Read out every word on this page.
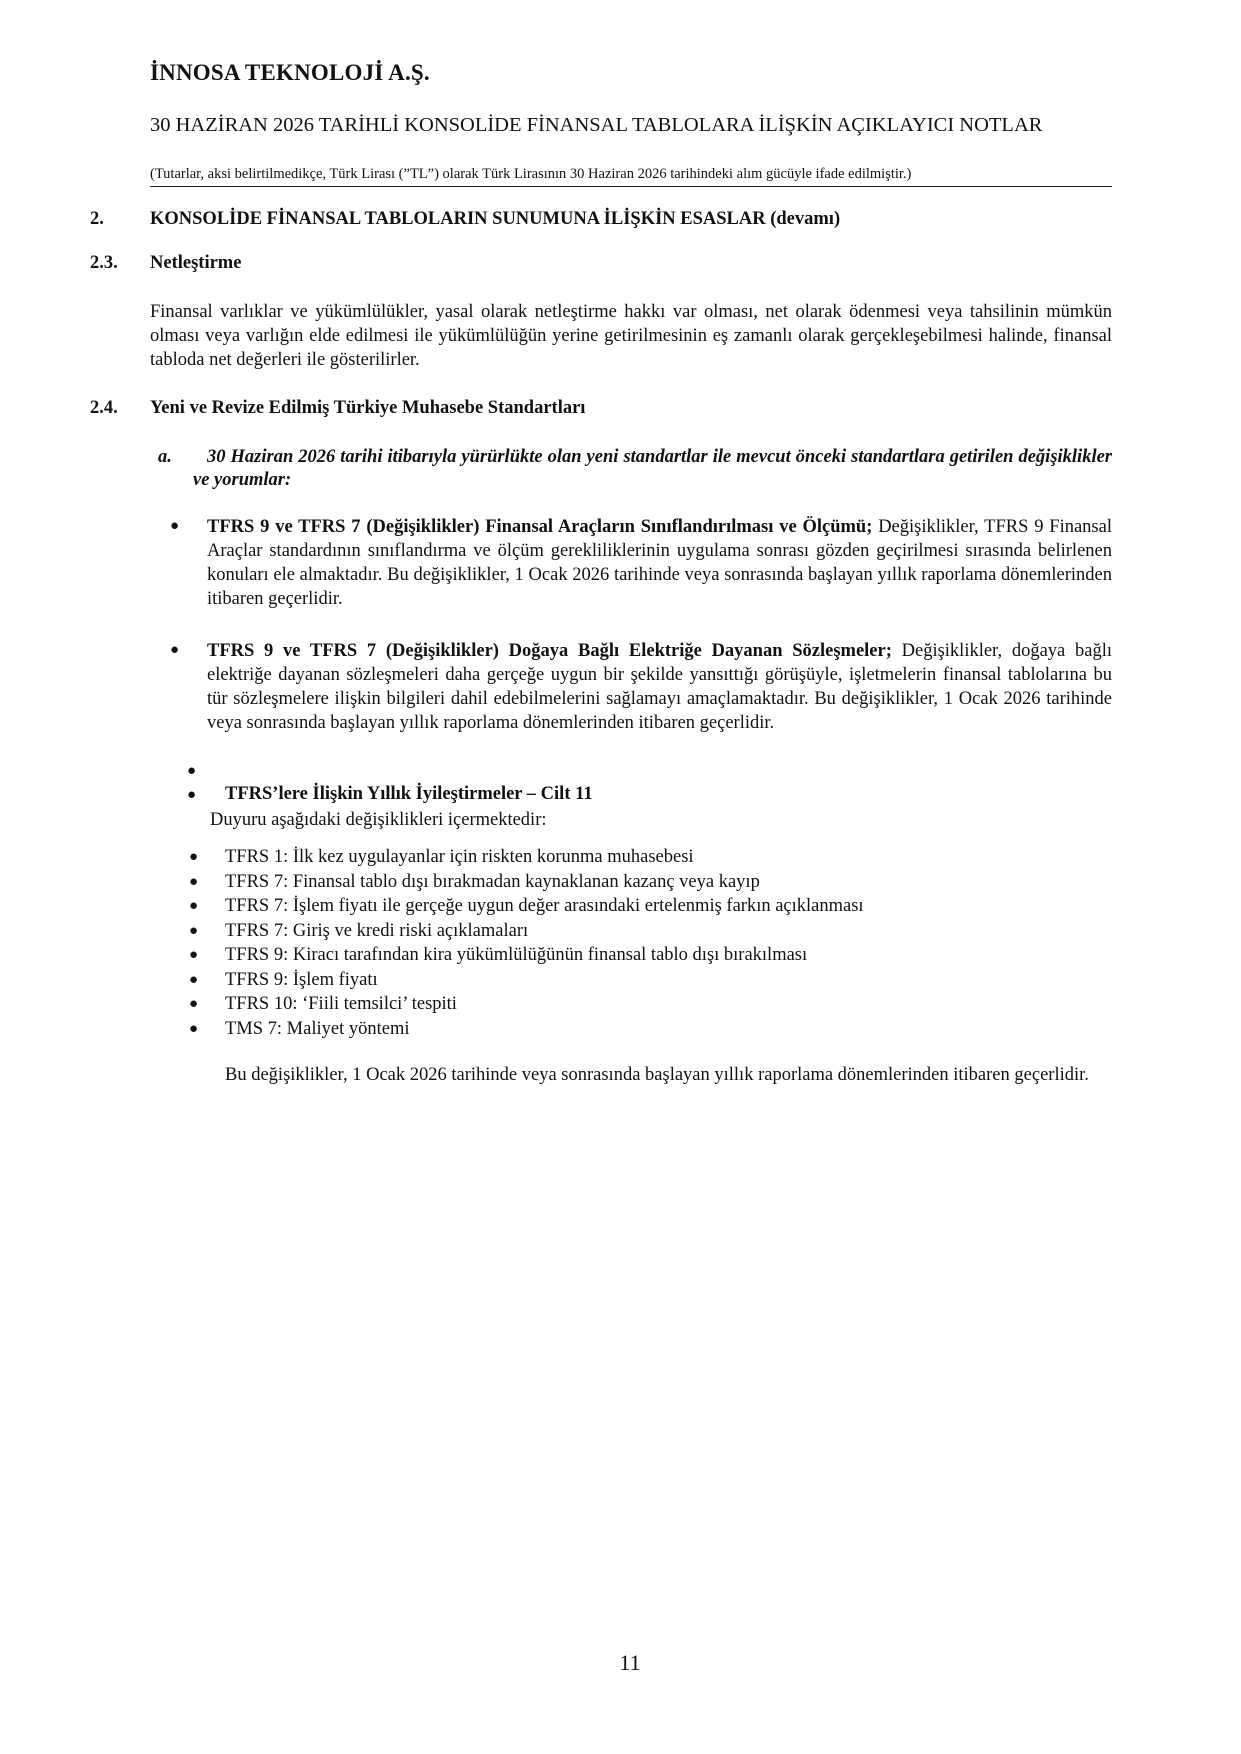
İNNOSA TEKNOLOJİ A.Ş.
30 HAZİRAN 2026 TARİHLİ KONSOLİDE FİNANSAL TABLOLARA İLİŞKİN AÇIKLAYICI NOTLAR
(Tutarlar, aksi belirtilmedikçe, Türk Lirası (”TL”) olarak Türk Lirasının 30 Haziran 2026 tarihindeki alım gücüyle ifade edilmiştir.)
2. KONSOLİDE FİNANSAL TABLOLARIN SUNUMUNA İLİŞKİN ESASLAR (devamı)
2.3. Netleştirme
Finansal varlıklar ve yükümlülükler, yasal olarak netleştirme hakkı var olması, net olarak ödenmesi veya tahsilinin mümkün olması veya varlığın elde edilmesi ile yükümlülüğün yerine getirilmesinin eş zamanlı olarak gerçekleşebilmesi halinde, finansal tabloda net değerleri ile gösterilirler.
2.4. Yeni ve Revize Edilmiş Türkiye Muhasebe Standartları
a.	30 Haziran 2026 tarihi itibarıyla yürürlükte olan yeni standartlar ile mevcut önceki standartlara getirilen değişiklikler ve yorumlar:
● TFRS 9 ve TFRS 7 (Değişiklikler) Finansal Araçların Sınıflandırılması ve Ölçümü; Değişiklikler, TFRS 9 Finansal Araçlar standardının sınıflandırma ve ölçüm gerekliliklerinin uygulama sonrası gözden geçirilmesi sırasında belirlenen konuları ele almaktadır. Bu değişiklikler, 1 Ocak 2026 tarihinde veya sonrasında başlayan yıllık raporlama dönemlerinden itibaren geçerlidir.
● TFRS 9 ve TFRS 7 (Değişiklikler) Doğaya Bağlı Elektriğe Dayanan Sözleşmeler; Değişiklikler, doğaya bağlı elektriğe dayanan sözleşmeleri daha gerçeğe uygun bir şekilde yansıttığı görüşüyle, işletmelerin finansal tablolarına bu tür sözleşmelere ilişkin bilgileri dahil edebilmelerini sağlamayı amaçlamaktadır. Bu değişiklikler, 1 Ocak 2026 tarihinde veya sonrasında başlayan yıllık raporlama dönemlerinden itibaren geçerlidir.
●
● TFRS’lere İlişkin Yıllık İyileştirmeler – Cilt 11
Duyuru aşağıdaki değişiklikleri içermektedir:
● TFRS 1: İlk kez uygulayanlar için riskten korunma muhasebesi
● TFRS 7: Finansal tablo dışı bırakmadan kaynaklanan kazanç veya kayıp
● TFRS 7: İşlem fiyatı ile gerçeğe uygun değer arasındaki ertelenmiş farkın açıklanması
● TFRS 7: Giriş ve kredi riski açıklamaları
● TFRS 9: Kiracı tarafından kira yükümlülüğünün finansal tablo dışı bırakılması
● TFRS 9: İşlem fiyatı
● TFRS 10: ‘Fiili temsilci’ tespiti
● TMS 7: Maliyet yöntemi
Bu değişiklikler, 1 Ocak 2026 tarihinde veya sonrasında başlayan yıllık raporlama dönemlerinden itibaren geçerlidir.
11
